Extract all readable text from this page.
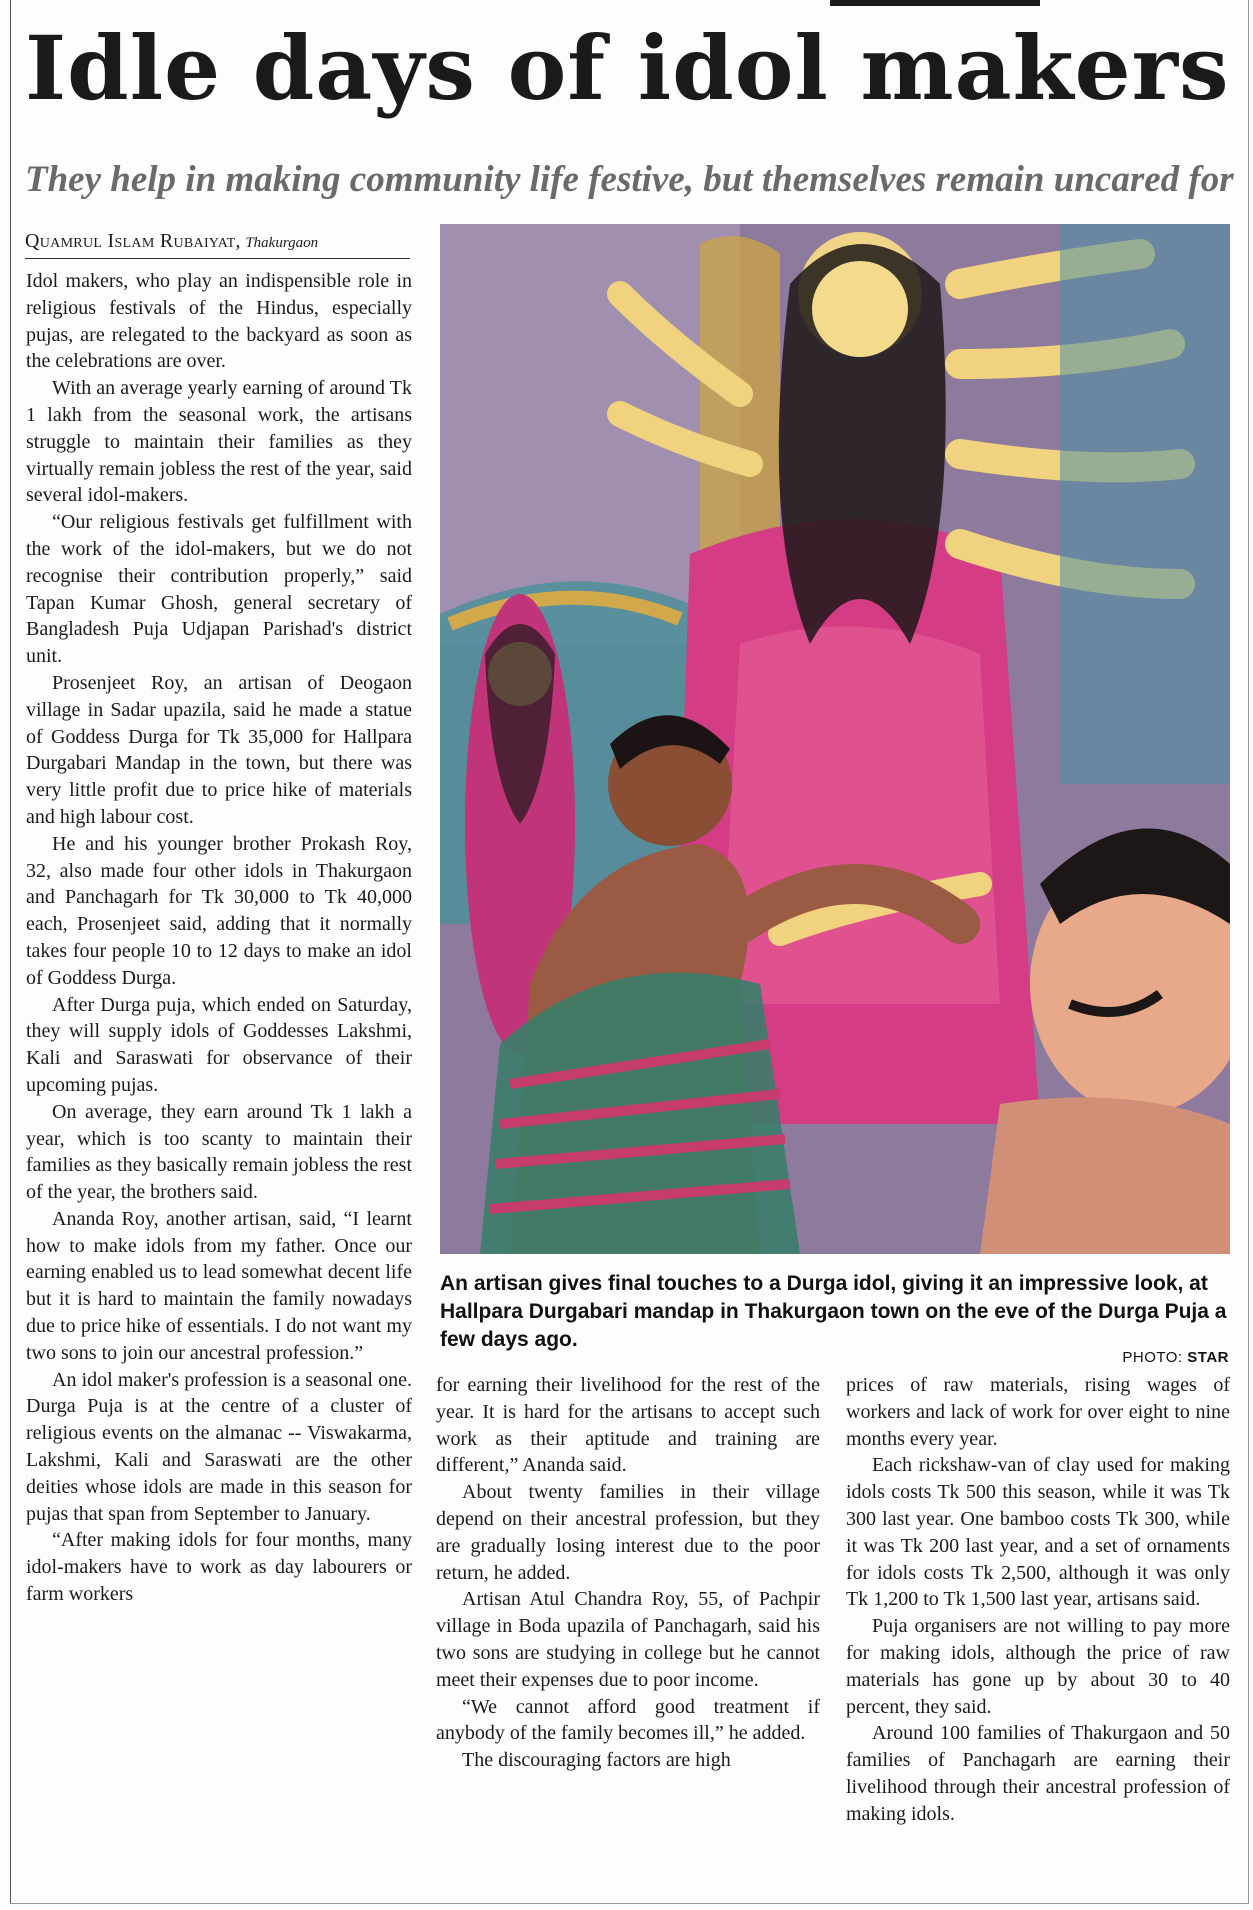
Idle days of idol makers
They help in making community life festive, but themselves remain uncared for
Quamrul Islam Rubaiyat, Thakurgaon

Idol makers, who play an indispensible role in religious festivals of the Hindus, especially pujas, are relegated to the backyard as soon as the celebrations are over.

With an average yearly earning of around Tk 1 lakh from the seasonal work, the artisans struggle to maintain their families as they virtually remain jobless the rest of the year, said several idol-makers.

“Our religious festivals get fulfillment with the work of the idol-makers, but we do not recognise their contribution properly,” said Tapan Kumar Ghosh, general secretary of Bangladesh Puja Udjapan Parishad's district unit.

Prosenjeet Roy, an artisan of Deogaon village in Sadar upazila, said he made a statue of Goddess Durga for Tk 35,000 for Hallpara Durgabari Mandap in the town, but there was very little profit due to price hike of materials and high labour cost.

He and his younger brother Prokash Roy, 32, also made four other idols in Thakurgaon and Panchagarh for Tk 30,000 to Tk 40,000 each, Prosenjeet said, adding that it normally takes four people 10 to 12 days to make an idol of Goddess Durga.

After Durga puja, which ended on Saturday, they will supply idols of Goddesses Lakshmi, Kali and Saraswati for observance of their upcoming pujas.

On average, they earn around Tk 1 lakh a year, which is too scanty to maintain their families as they basically remain jobless the rest of the year, the brothers said.

Ananda Roy, another artisan, said, “I learnt how to make idols from my father. Once our earning enabled us to lead somewhat decent life but it is hard to maintain the family nowadays due to price hike of essentials. I do not want my two sons to join our ancestral profession.”

An idol maker's profession is a seasonal one. Durga Puja is at the centre of a cluster of religious events on the almanac -- Viswakarma, Lakshmi, Kali and Saraswati are the other deities whose idols are made in this season for pujas that span from September to January.

“After making idols for four months, many idol-makers have to work as day labourers or farm workers

An artisan gives final touches to a Durga idol, giving it an impressive look, at Hallpara Durgabari mandap in Thakurgaon town on the eve of the Durga Puja a few days ago.

PHOTO: STAR

for earning their livelihood for the rest of the year. It is hard for the artisans to accept such work as their aptitude and training are different,” Ananda said.

About twenty families in their village depend on their ancestral profession, but they are gradually losing interest due to the poor return, he added.

Artisan Atul Chandra Roy, 55, of Pachpir village in Boda upazila of Panchagarh, said his two sons are studying in college but he cannot meet their expenses due to poor income.

“We cannot afford good treatment if anybody of the family becomes ill,” he added.

The discouraging factors are high

prices of raw materials, rising wages of workers and lack of work for over eight to nine months every year.

Each rickshaw-van of clay used for making idols costs Tk 500 this season, while it was Tk 300 last year. One bamboo costs Tk 300, while it was Tk 200 last year, and a set of ornaments for idols costs Tk 2,500, although it was only Tk 1,200 to Tk 1,500 last year, artisans said.

Puja organisers are not willing to pay more for making idols, although the price of raw materials has gone up by about 30 to 40 percent, they said.

Around 100 families of Thakurgaon and 50 families of Panchagarh are earning their livelihood through their ancestral profession of making idols.
